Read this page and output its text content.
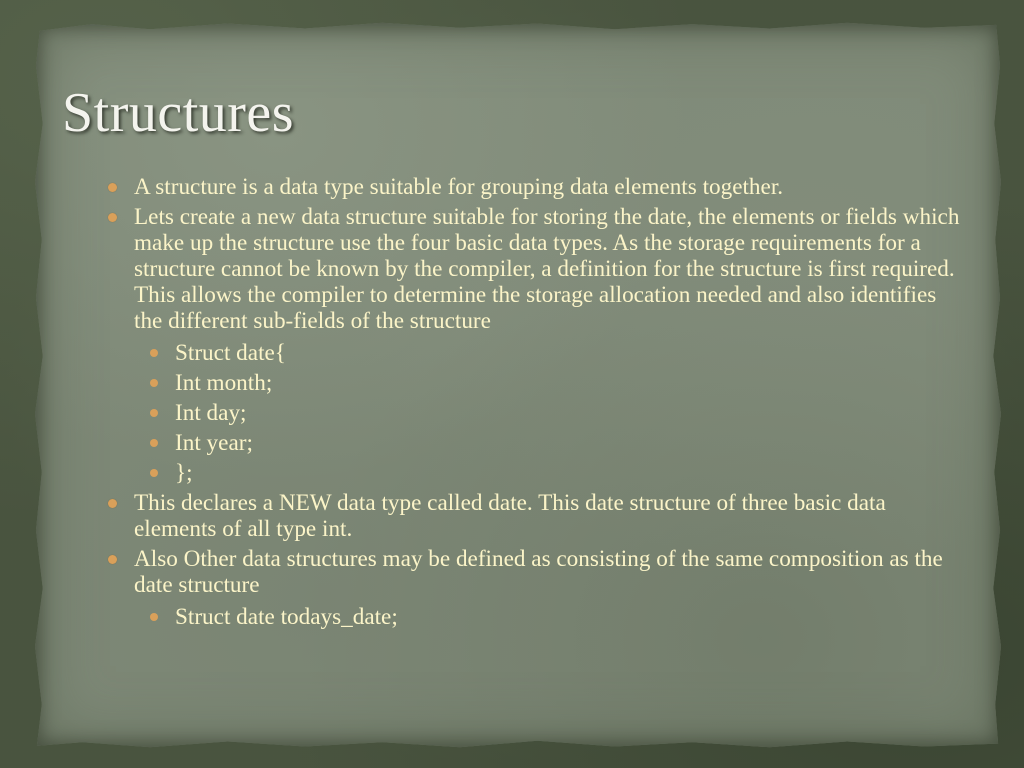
Structures
A structure is a data type suitable for grouping data elements together.
Lets create a new data structure suitable for storing the date, the elements or fields which make up the structure use the four basic data types. As the storage requirements for a structure cannot be known by the compiler, a definition for the structure is first required. This allows the compiler to determine the storage allocation needed and also identifies the different sub-fields of the structure
Struct date{
Int month;
Int day;
Int year;
};
This declares a NEW data type called date. This date structure of three basic data elements of all type int.
Also Other data structures may be defined as consisting of the same composition as the date structure
Struct date todays_date;
